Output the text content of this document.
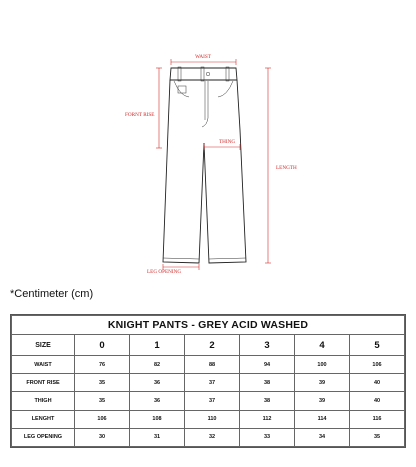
WAIST
FORNT RISE
THING
LENGTH
LEG OPENING
*Centimeter (cm)
KNIGHT PANTS - GREY ACID WASHED						
SIZE	0	1	2	3	4	5
WAIST	76	82	88	94	100	106
FRONT RISE	35	36	37	38	39	40
THIGH	35	36	37	38	39	40
LENGHT	106	108	110	112	114	116
LEG OPENING	30	31	32	33	34	35
